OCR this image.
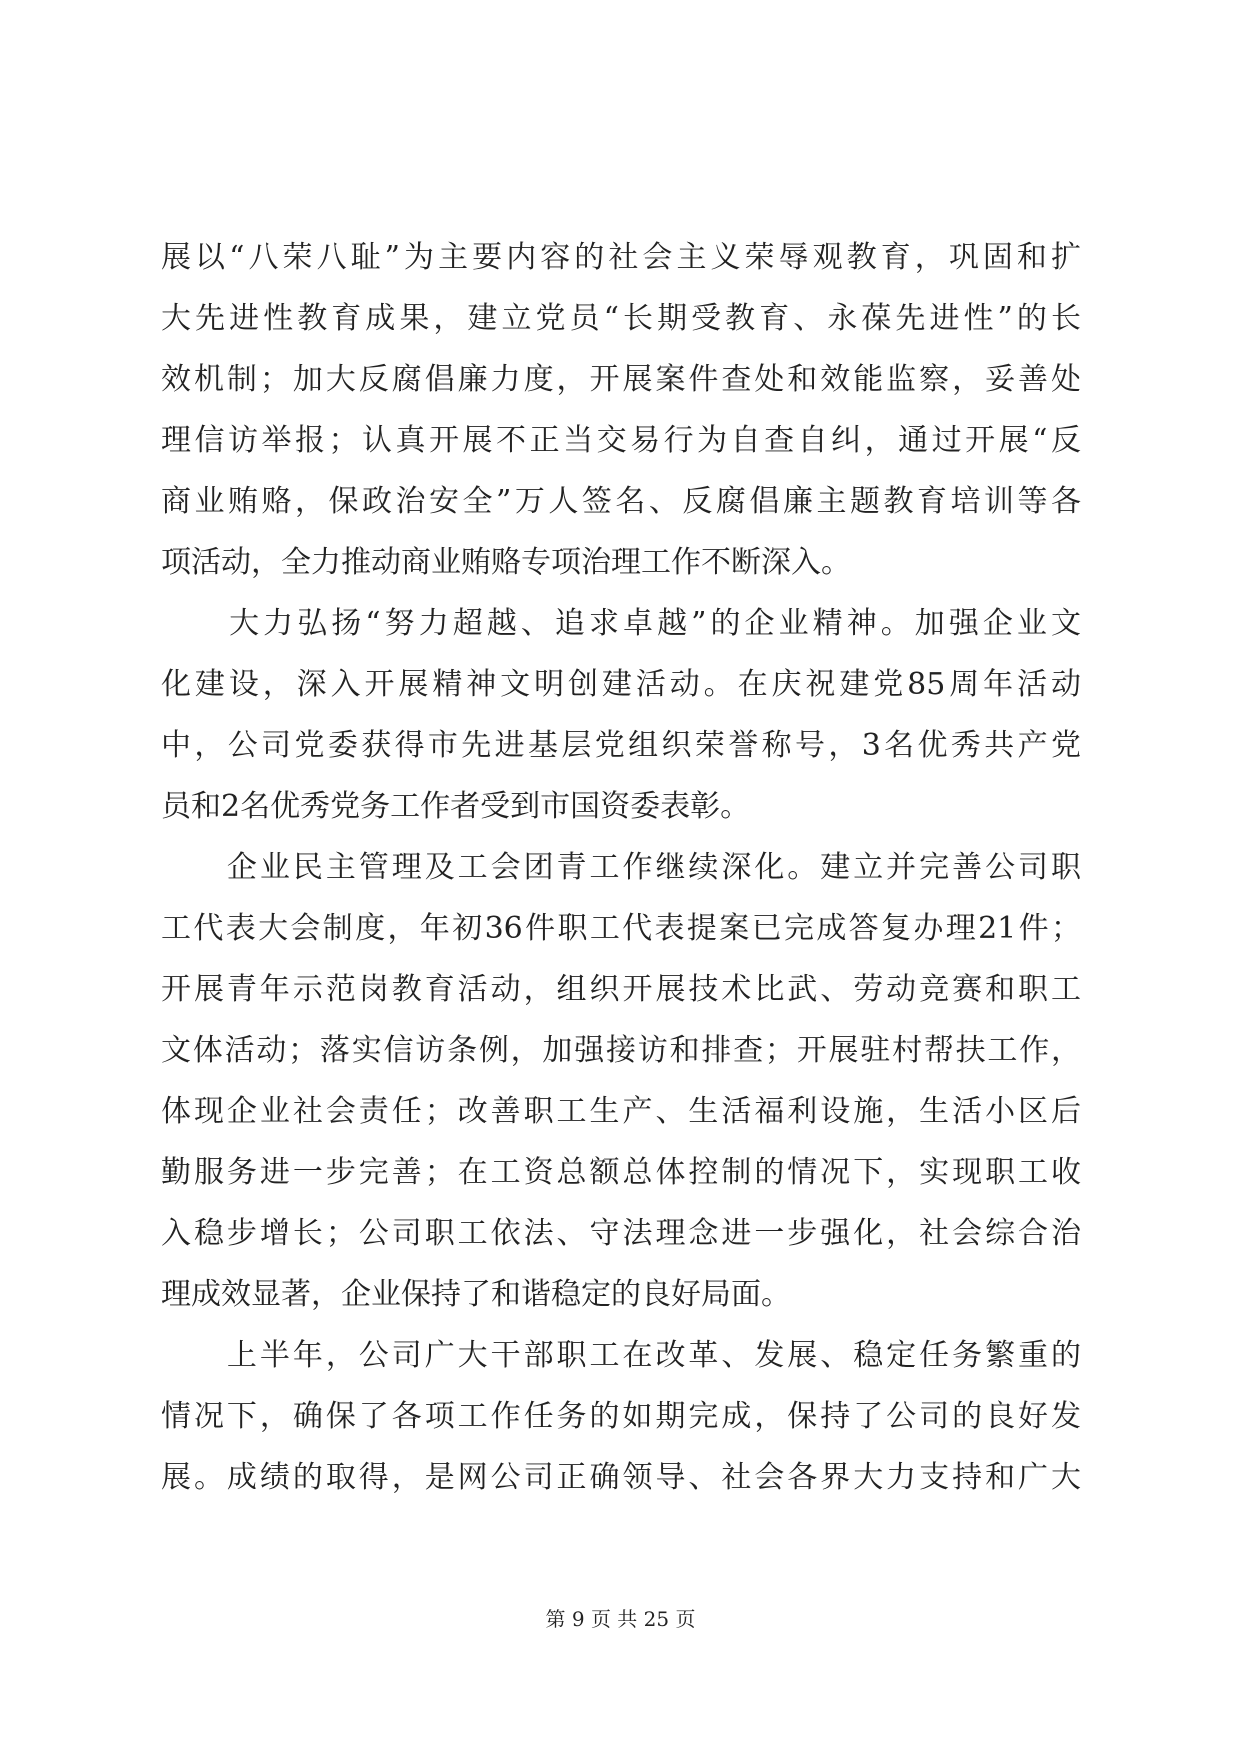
展以“八荣八耻”为主要内容的社会主义荣辱观教育，巩固和扩
大先进性教育成果，建立党员“长期受教育、永葆先进性”的长
效机制；加大反腐倡廉力度，开展案件查处和效能监察，妥善处
理信访举报；认真开展不正当交易行为自查自纠，通过开展“反
商业贿赂，保政治安全”万人签名、反腐倡廉主题教育培训等各
项活动，全力推动商业贿赂专项治理工作不断深入。
　　大力弘扬“努力超越、追求卓越”的企业精神。加强企业文
化建设，深入开展精神文明创建活动。在庆祝建党85周年活动
中，公司党委获得市先进基层党组织荣誉称号，3名优秀共产党
员和2名优秀党务工作者受到市国资委表彰。
　　企业民主管理及工会团青工作继续深化。建立并完善公司职
工代表大会制度，年初36件职工代表提案已完成答复办理21件；
开展青年示范岗教育活动，组织开展技术比武、劳动竞赛和职工
文体活动；落实信访条例，加强接访和排查；开展驻村帮扶工作，
体现企业社会责任；改善职工生产、生活福利设施，生活小区后
勤服务进一步完善；在工资总额总体控制的情况下，实现职工收
入稳步增长；公司职工依法、守法理念进一步强化，社会综合治
理成效显著，企业保持了和谐稳定的良好局面。
　　上半年，公司广大干部职工在改革、发展、稳定任务繁重的
情况下，确保了各项工作任务的如期完成，保持了公司的良好发
展。成绩的取得，是网公司正确领导、社会各界大力支持和广大
第 9 页 共 25 页
